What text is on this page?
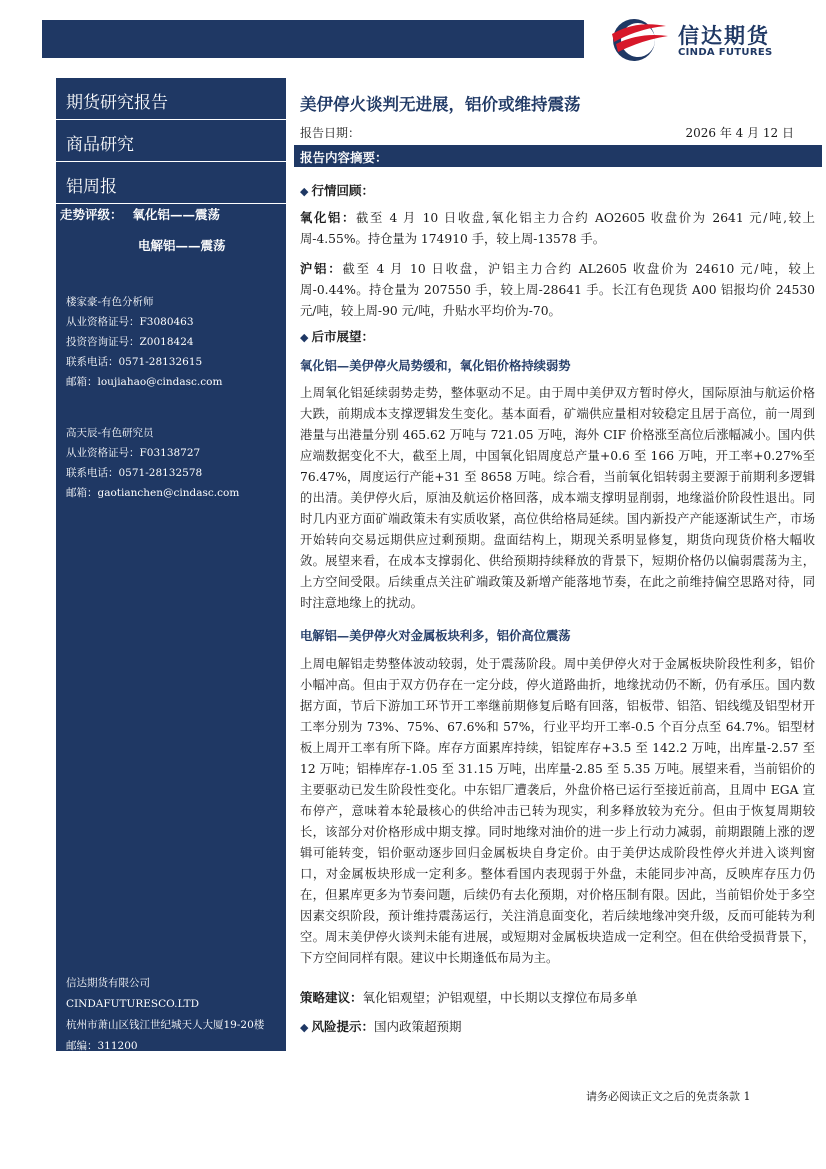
信达期货
CINDA FUTURES
期货研究报告
商品研究
铝周报
走势评级： 氧化铝——震荡
电解铝——震荡
楼家豪-有色分析师
从业资格证号：F3080463
投资咨询证号：Z0018424
联系电话：0571-28132615
邮箱：loujiahao@cindasc.com
高天辰-有色研究员
从业资格证号：F03138727
联系电话：0571-28132578
邮箱：gaotianchen@cindasc.com
信达期货有限公司
CINDAFUTURESCO.LTD
杭州市萧山区钱江世纪城天人大厦19-20楼
邮编：311200
美伊停火谈判无进展，铝价或维持震荡
报告日期：	2026 年 4 月 12 日
报告内容摘要：
◆ 行情回顾：
氧化铝：截至 4 月 10 日收盘,氧化铝主力合约 AO2605 收盘价为 2641 元/吨,较上周-4.55%。持仓量为 174910 手，较上周-13578 手。
沪铝：截至 4 月 10 日收盘，沪铝主力合约 AL2605 收盘价为 24610 元/吨，较上周-0.44%。持仓量为 207550 手，较上周-28641 手。长江有色现货 A00 铝报均价 24530 元/吨，较上周-90 元/吨，升贴水平均价为-70。
◆ 后市展望：
氧化铝—美伊停火局势缓和，氧化铝价格持续弱势
上周氧化铝延续弱势走势，整体驱动不足。由于周中美伊双方暂时停火，国际原油与航运价格大跌，前期成本支撑逻辑发生变化。基本面看，矿端供应量相对较稳定且居于高位，前一周到港量与出港量分别 465.62 万吨与 721.05 万吨，海外 CIF 价格涨至高位后涨幅减小。国内供应端数据变化不大，截至上周，中国氧化铝周度总产量+0.6 至 166 万吨，开工率+0.27%至 76.47%，周度运行产能+31 至 8658 万吨。综合看，当前氧化铝转弱主要源于前期利多逻辑的出清。美伊停火后，原油及航运价格回落，成本端支撑明显削弱，地缘溢价阶段性退出。同时几内亚方面矿端政策未有实质收紧，高位供给格局延续。国内新投产产能逐渐试生产，市场开始转向交易远期供应过剩预期。盘面结构上，期现关系明显修复，期货向现货价格大幅收敛。展望来看，在成本支撑弱化、供给预期持续释放的背景下，短期价格仍以偏弱震荡为主，上方空间受限。后续重点关注矿端政策及新增产能落地节奏，在此之前维持偏空思路对待，同时注意地缘上的扰动。
电解铝—美伊停火对金属板块利多，铝价高位震荡
上周电解铝走势整体波动较弱，处于震荡阶段。周中美伊停火对于金属板块阶段性利多，铝价小幅冲高。但由于双方仍存在一定分歧，停火道路曲折，地缘扰动仍不断，仍有承压。国内数据方面，节后下游加工环节开工率继前期修复后略有回落，铝板带、铝箔、铝线缆及铝型材开工率分别为 73%、75%、67.6%和 57%，行业平均开工率-0.5 个百分点至 64.7%。铝型材板上周开工率有所下降。库存方面累库持续，铝锭库存+3.5 至 142.2 万吨，出库量-2.57 至 12 万吨；铝棒库存-1.05 至 31.15 万吨，出库量-2.85 至 5.35 万吨。展望来看，当前铝价的主要驱动已发生阶段性变化。中东铝厂遭袭后，外盘价格已运行至接近前高，且周中 EGA 宣布停产，意味着本轮最核心的供给冲击已转为现实，利多释放较为充分。但由于恢复周期较长，该部分对价格形成中期支撑。同时地缘对油价的进一步上行动力减弱，前期跟随上涨的逻辑可能转变，铝价驱动逐步回归金属板块自身定价。由于美伊达成阶段性停火并进入谈判窗口，对金属板块形成一定利多。整体看国内表现弱于外盘，未能同步冲高，反映库存压力仍在，但累库更多为节奏问题，后续仍有去化预期，对价格压制有限。因此，当前铝价处于多空因素交织阶段，预计维持震荡运行，关注消息面变化，若后续地缘冲突升级，反而可能转为利空。周末美伊停火谈判未能有进展，或短期对金属板块造成一定利空。但在供给受损背景下，下方空间同样有限。建议中长期逢低布局为主。
策略建议：氧化铝观望；沪铝观望，中长期以支撑位布局多单
◆ 风险提示：国内政策超预期
请务必阅读正文之后的免责条款 1
